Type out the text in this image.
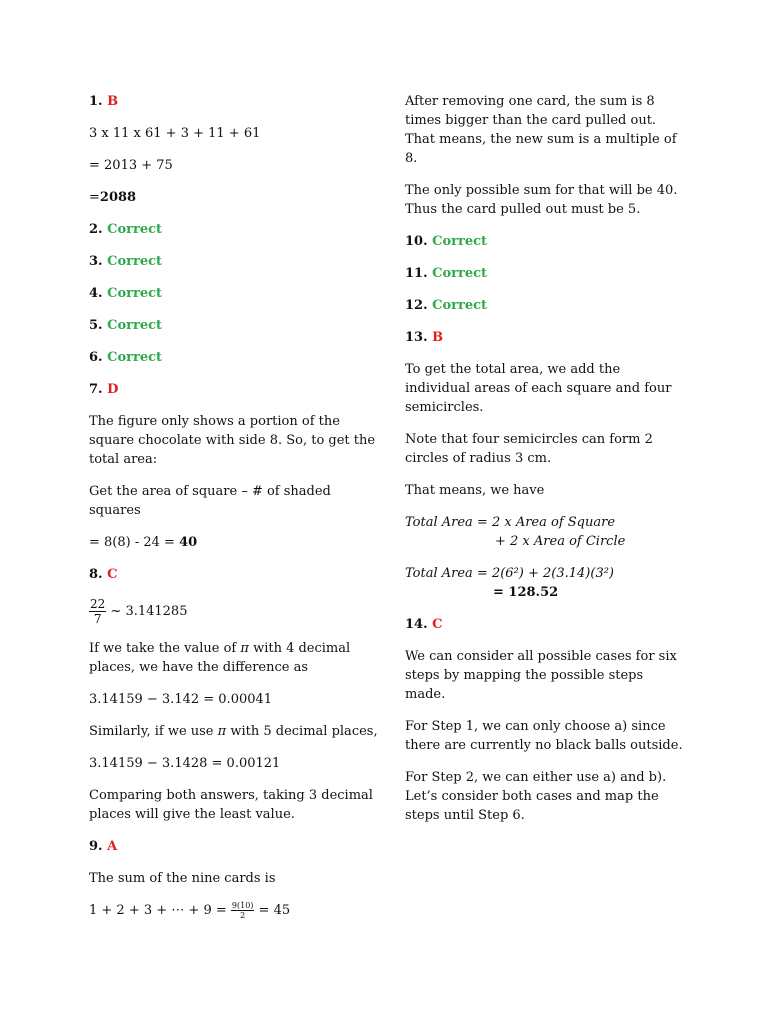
1. B

3 x 11 x 61 + 3 + 11 + 61

= 2013 + 75

=2088

2. Correct

3. Correct

4. Correct

5. Correct

6. Correct

7. D

The figure only shows a portion of the square chocolate with side 8. So, to get the total area:

Get the area of square – # of shaded squares

= 8(8) - 24 = 40

8. C

$\frac{22}{7}$ ~ 3.141285

If we take the value of π with 4 decimal places, we have the difference as

3.14159 − 3.142 = 0.00041

Similarly, if we use π with 5 decimal places,

3.14159 − 3.1428 = 0.00121

Comparing both answers, taking 3 decimal places will give the least value.

9. A

The sum of the nine cards is

1 + 2 + 3 + ⋯ + $9 = \frac{9(10)}{2} = 45$

After removing one card, the sum is 8 times bigger than the card pulled out. That means, the new sum is a multiple of 8.

The only possible sum for that will be 40. Thus the card pulled out must be 5.

10. Correct

11. Correct

12. Correct

13. B

To get the total area, we add the individual areas of each square and four semicircles.

Note that four semicircles can form 2 circles of radius 3 cm.

That means, we have

Total Area = 2 x Area of Square
+ 2 x Area of Circle
Total Area = 2(6²) + 2(3.14)(3²)
= 128.52

14. C

We can consider all possible cases for six steps by mapping the possible steps made.

For Step 1, we can only choose a) since there are currently no black balls outside.

For Step 2, we can either use a) and b). Let’s consider both cases and map the steps until Step 6.
